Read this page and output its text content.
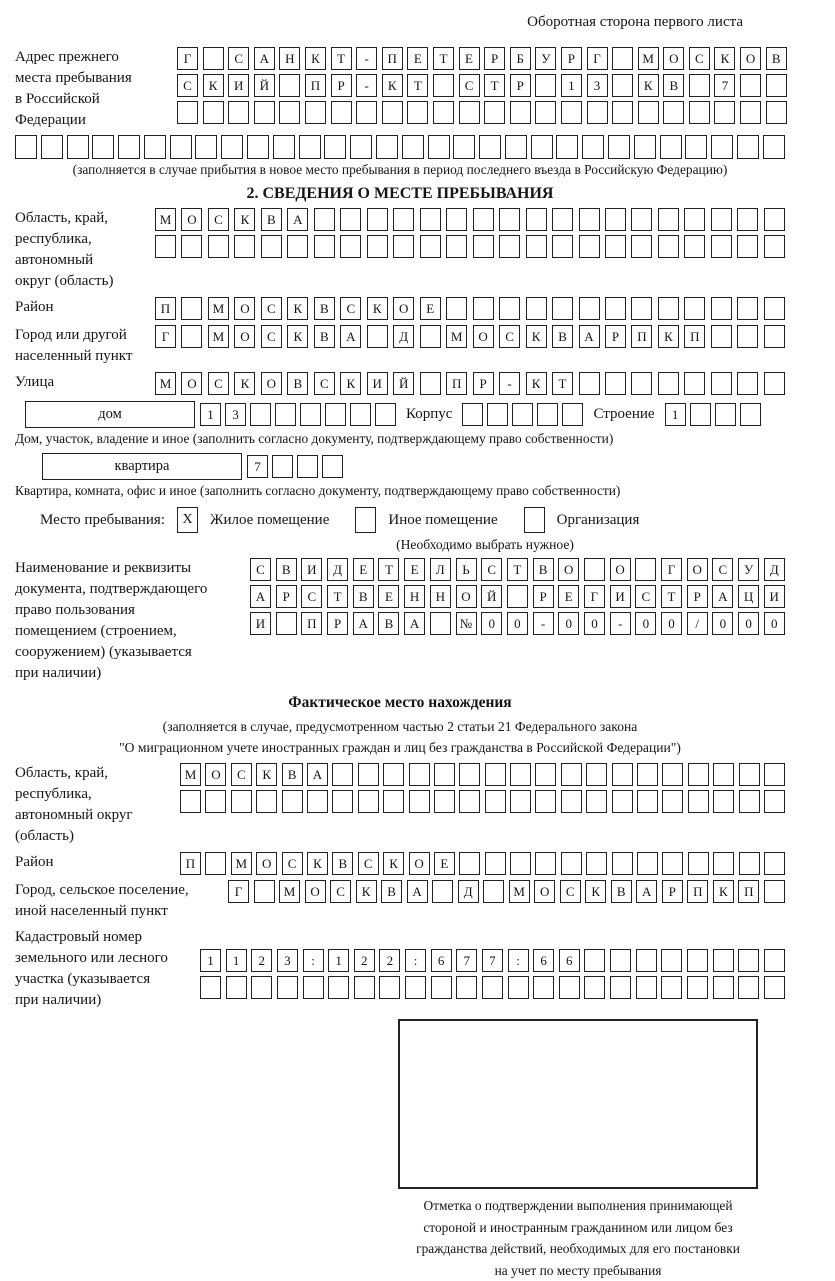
Оборотная сторона первого листа
Адрес прежнего
места пребывания
в Российской
Федерации
Г	С	А	Н	К	Т	-	П	Е	Т	Е	Р	Б	У	Р	Г	М	О	С	К	О	В
С	К	И	Й	П	Р	-	К	Т	С	Т	Р	1	3	К	В	7
(заполняется в случае прибытия в новое место пребывания в период последнего въезда в Российскую Федерацию)
2. СВЕДЕНИЯ О МЕСТЕ ПРЕБЫВАНИЯ
Область, край,
республика,
автономный
округ (область)
М	О	С	К	В	А
Район	П	М	О	С	К	В	С	К	О	Е
Город или другой
населенный пункт
Г	М	О	С	К	В	А	Д	М	О	С	К	В	А	Р	П	К	П
Улица	М	О	С	К	О	В	С	К	И	Й	П	Р	-	К	Т
дом	1	3	Корпус	Строение	1
Дом, участок, владение и иное (заполнить согласно документу, подтверждающему право собственности)
квартира	7
Квартира, комната, офис и иное (заполнить согласно документу, подтверждающему право собственности)
Место пребывания:	X	Жилое помещение	Иное помещение	Организация
(Необходимо выбрать нужное)
Наименование и реквизиты
документа, подтверждающего
право пользования
помещением (строением,
сооружением) (указывается
при наличии)
С	В	И	Д	Е	Т	Е	Л	Ь	С	Т	В	О	О	Г	О	С	У	Д
А	Р	С	Т	В	Е	Н	Н	О	Й	Р	Е	Г	И	С	Т	Р	А	Ц	И
И	П	Р	А	В	А	№	0	0	-	0	0	-	0	0	/	0	0	0
Фактическое место нахождения
(заполняется в случае, предусмотренном частью 2 статьи 21 Федерального закона
"О миграционном учете иностранных граждан и лиц без гражданства в Российской Федерации")
Область, край,
республика,
автономный округ
(область)
М	О	С	К	В	А
Район	П	М	О	С	К	В	С	К	О	Е
Город, сельское поселение,
иной населенный пункт
Г	М	О	С	К	В	А	Д	М	О	С	К	В	А	Р	П	К	П
Кадастровый номер
земельного или лесного
участка (указывается
при наличии)
1	1	2	3	:	1	2	2	:	6	7	7	:	6	6
Отметка о подтверждении выполнения принимающей
стороной и иностранным гражданином или лицом без
гражданства действий, необходимых для его постановки
на учет по месту пребывания
